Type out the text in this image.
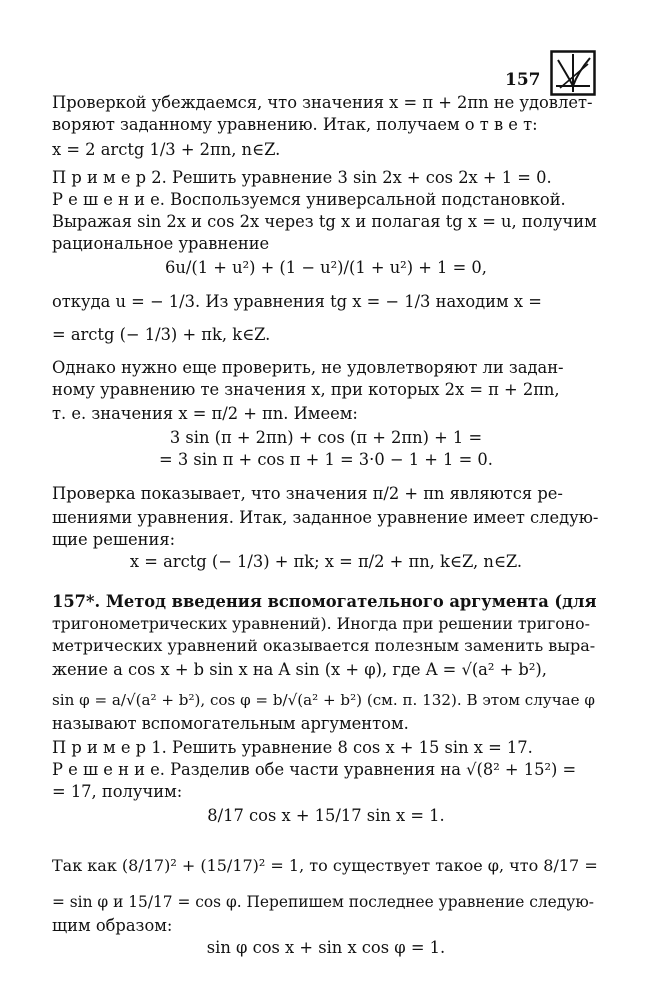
157
Проверкой убеждаемся, что значения x = π + 2πn не удовлет-
воряют заданному уравнению. Итак, получаем о т в е т:
x = 2 arctg 1/3 + 2πn, n∈Z.
П р и м е р 2. Решить уравнение 3 sin 2x + cos 2x + 1 = 0.
Р е ш е н и е. Воспользуемся универсальной подстановкой.
Выражая sin 2x и cos 2x через tg x и полагая tg x = u, получим
рациональное уравнение
6u/(1 + u²) + (1 − u²)/(1 + u²) + 1 = 0,
откуда u = − 1/3. Из уравнения tg x = − 1/3 находим x =
= arctg (− 1/3) + πk, k∈Z.
Однако нужно еще проверить, не удовлетворяют ли задан-
ному уравнению те значения x, при которых 2x = π + 2πn,
т. е. значения x = π/2 + πn. Имеем:
3 sin (π + 2πn) + cos (π + 2πn) + 1 =
= 3 sin π + cos π + 1 = 3·0 − 1 + 1 = 0.
Проверка показывает, что значения π/2 + πn являются ре-
шениями уравнения. Итак, заданное уравнение имеет следую-
щие решения:
x = arctg (− 1/3) + πk; x = π/2 + πn, k∈Z, n∈Z.
157*. Метод введения вспомогательного аргумента (для
тригонометрических уравнений). Иногда при решении тригоно-
метрических уравнений оказывается полезным заменить выра-
жение a cos x + b sin x на A sin (x + φ), где A = √(a² + b²),
sin φ = a/√(a² + b²), cos φ = b/√(a² + b²) (см. п. 132). В этом случае φ
называют вспомогательным аргументом.
П р и м е р 1. Решить уравнение 8 cos x + 15 sin x = 17.
Р е ш е н и е. Разделив обе части уравнения на √(8² + 15²) =
= 17, получим:
8/17 cos x + 15/17 sin x = 1.
Так как (8/17)² + (15/17)² = 1, то существует такое φ, что 8/17 =
= sin φ и 15/17 = cos φ. Перепишем последнее уравнение следую-
щим образом:
sin φ cos x + sin x cos φ = 1.
